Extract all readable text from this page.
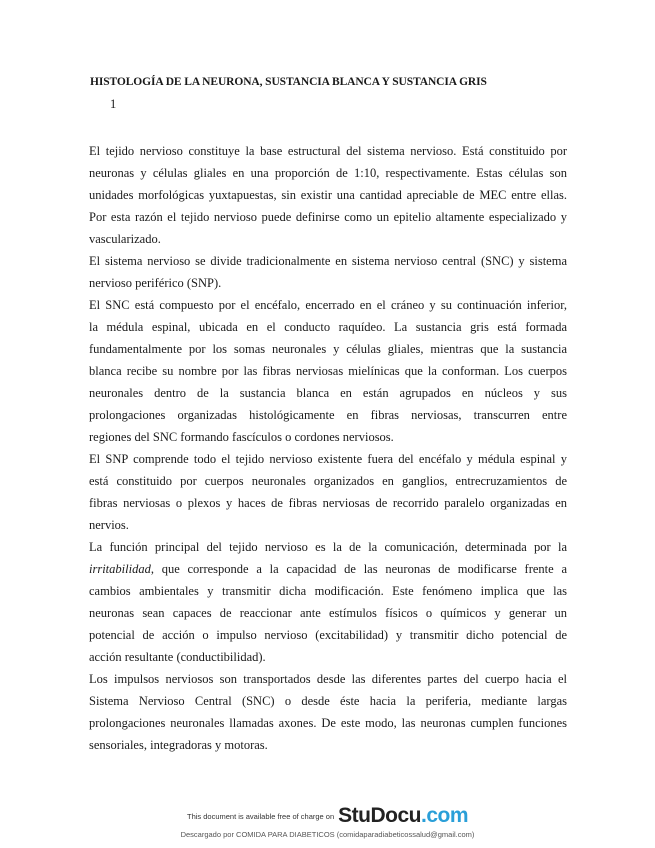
HISTOLOGÍA DE LA NEURONA, SUSTANCIA BLANCA Y SUSTANCIA GRIS
1
El tejido nervioso constituye la base estructural del sistema nervioso. Está constituido por
neuronas y células gliales en una proporción de 1:10, respectivamente. Estas células son
unidades morfológicas yuxtapuestas, sin existir una cantidad apreciable de MEC entre ellas.
Por esta razón el tejido nervioso puede definirse como un epitelio altamente especializado y
vascularizado.
El sistema nervioso se divide tradicionalmente en sistema nervioso central (SNC) y sistema
nervioso periférico (SNP).
El SNC está compuesto por el encéfalo, encerrado en el cráneo y su continuación inferior,
la médula espinal, ubicada en el conducto raquídeo. La sustancia gris está formada
fundamentalmente por los somas neuronales y células gliales, mientras que la sustancia
blanca recibe su nombre por las fibras nerviosas mielínicas que la conforman. Los cuerpos
neuronales dentro de la sustancia blanca en están agrupados en núcleos y sus
prolongaciones organizadas histológicamente en fibras nerviosas, transcurren entre
regiones del SNC formando fascículos o cordones nerviosos.
El SNP comprende todo el tejido nervioso existente fuera del encéfalo y médula espinal y
está constituido por cuerpos neuronales organizados en ganglios, entrecruzamientos de
fibras nerviosas o plexos y haces de fibras nerviosas de recorrido paralelo organizadas en
nervios.
La función principal del tejido nervioso es la de la comunicación, determinada por la
irritabilidad, que corresponde a la capacidad de las neuronas de modificarse frente a
cambios ambientales y transmitir dicha modificación. Este fenómeno implica que las
neuronas sean capaces de reaccionar ante estímulos físicos o químicos y generar un
potencial de acción o impulso nervioso (excitabilidad) y transmitir dicho potencial de
acción resultante (conductibilidad).
Los impulsos nerviosos son transportados desde las diferentes partes del cuerpo hacia el
Sistema Nervioso Central (SNC) o desde éste hacia la periferia, mediante largas
prolongaciones neuronales llamadas axones. De este modo, las neuronas cumplen funciones
sensoriales, integradoras y motoras.
This document is available free of charge on StuDocu .com
Descargado por COMIDA PARA DIABETICOS (comidaparadiabeticossalud@gmail.com)
